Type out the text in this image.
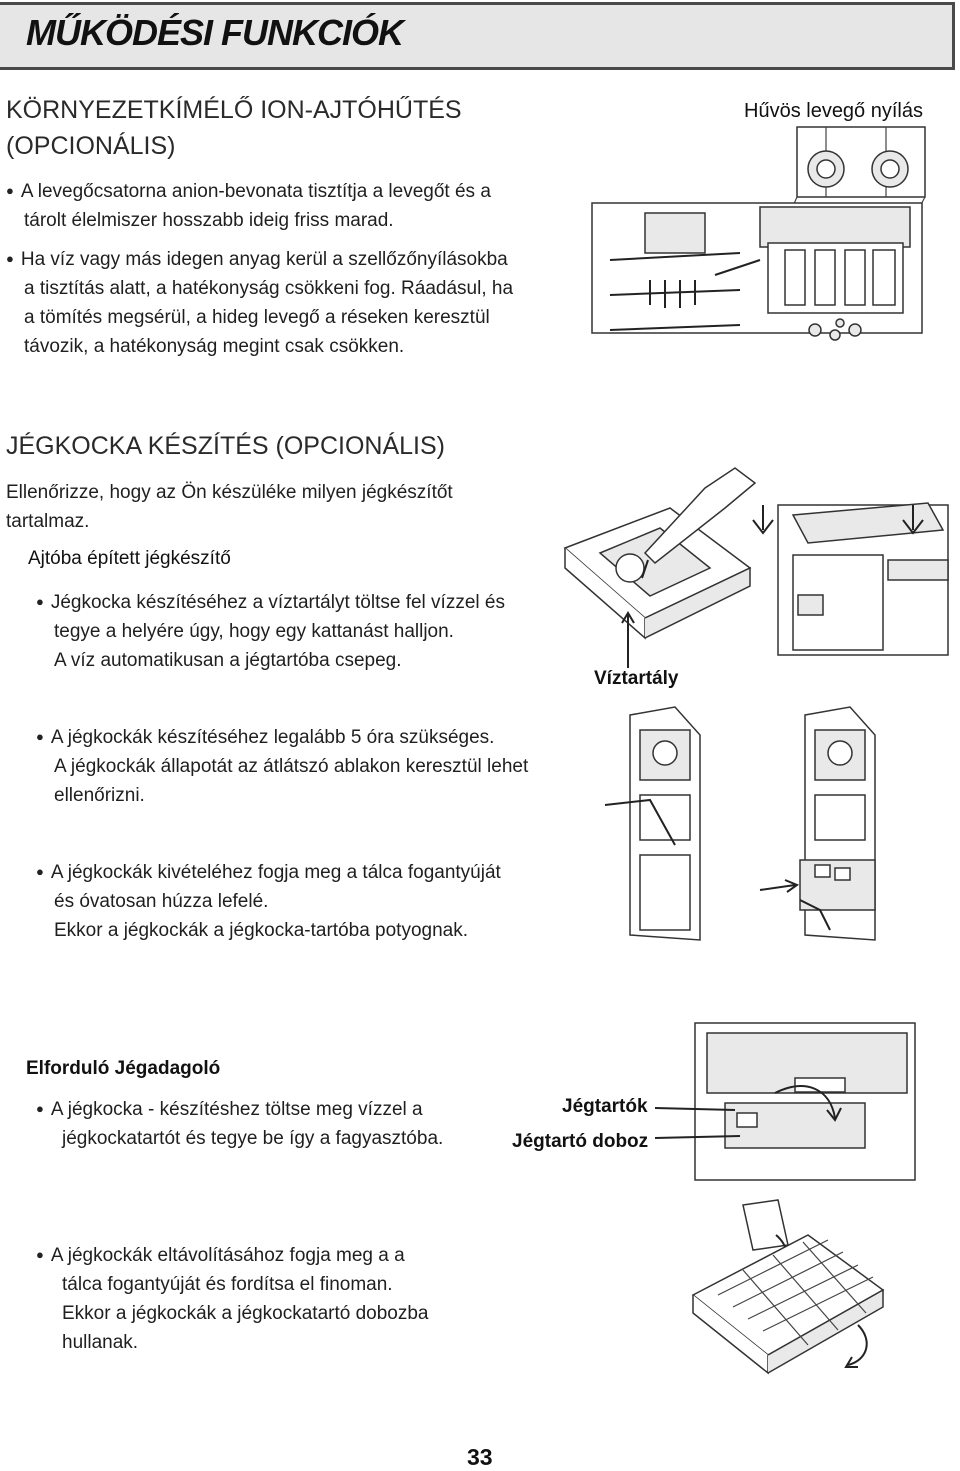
MŰKÖDÉSI FUNKCIÓK
KÖRNYEZETKÍMÉLŐ ION-AJTÓHŰTÉS
(OPCIONÁLIS)
● A levegőcsatorna anion-bevonata tisztítja a levegőt és a
tárolt élelmiszer hosszabb ideig friss marad.
● Ha víz vagy más idegen anyag kerül a szellőzőnyílásokba
a tisztítás alatt, a hatékonyság csökkeni fog. Ráadásul, ha
a tömítés megsérül, a hideg levegő a réseken keresztül
távozik, a hatékonyság megint csak csökken.
Hűvös levegő nyílás
JÉGKOCKA KÉSZÍTÉS (OPCIONÁLIS)
Ellenőrizze, hogy az Ön készüléke milyen jégkészítőt
tartalmaz.
Ajtóba épített jégkészítő
● Jégkocka készítéséhez a víztartályt töltse fel vízzel és
tegye a helyére úgy, hogy egy kattanást halljon.
A víz automatikusan a jégtartóba csepeg.
Víztartály
● A jégkockák készítéséhez legalább 5 óra szükséges.
A jégkockák állapotát az átlátszó ablakon keresztül lehet
ellenőrizni.
● A jégkockák kivételéhez fogja meg a tálca fogantyúját
és óvatosan húzza lefelé.
Ekkor a jégkockák a jégkocka-tartóba potyognak.
Elforduló Jégadagoló
● A jégkocka - készítéshez töltse meg vízzel a
jégkockatartót és tegye be így a fagyasztóba.
Jégtartók
Jégtartó doboz
● A jégkockák eltávolításához fogja meg a a
tálca fogantyúját és fordítsa el finoman.
Ekkor a jégkockák a jégkockatartó dobozba
hullanak.
33
